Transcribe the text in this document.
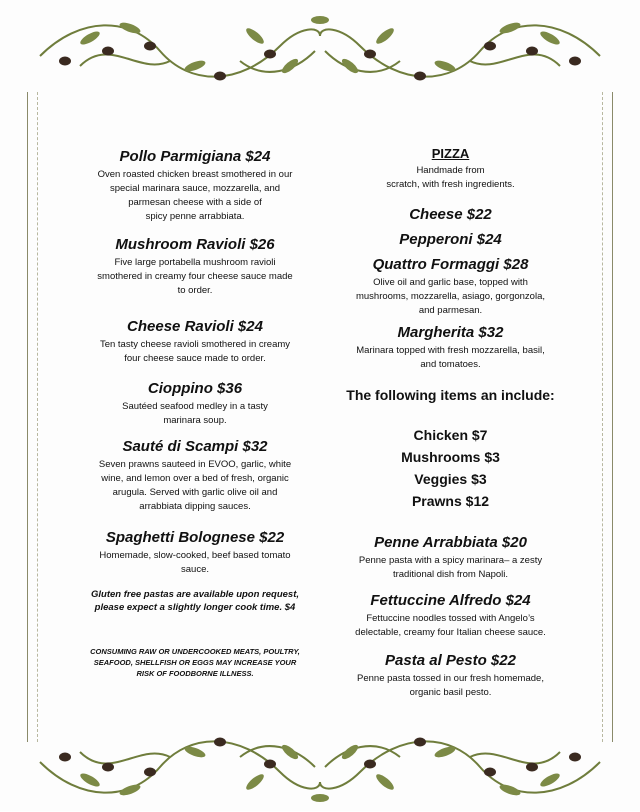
Pollo Parmigiana $24

Oven roasted chicken breast smothered in our
special marinara sauce, mozzarella, and
parmesan cheese with a side of
spicy penne arrabbiata.

Mushroom Ravioli $26

Five large portabella mushroom ravioli
smothered in creamy four cheese sauce made
to order.

Cheese Ravioli $24

Ten tasty cheese ravioli smothered in creamy
four cheese sauce made to order.

Cioppino $36

Sautéed seafood medley in a tasty
marinara soup.

Sauté di Scampi $32

Seven prawns sauteed in EVOO, garlic, white
wine, and lemon over a bed of fresh, organic
arugula. Served with garlic olive oil and
arrabbiata dipping sauces.

Spaghetti Bolognese $22

Homemade, slow-cooked, beef based tomato
sauce.

Gluten free pastas are available upon request,
please expect a slightly longer cook time. $4

CONSUMING RAW OR UNDERCOOKED MEATS, POULTRY,
SEAFOOD, SHELLFISH OR EGGS MAY INCREASE YOUR
RISK OF FOODBORNE ILLNESS.

PIZZA

Handmade from
scratch, with fresh ingredients.

Cheese $22

Pepperoni $24

Quattro Formaggi $28

Olive oil and garlic base, topped with
mushrooms, mozzarella, asiago, gorgonzola,
and parmesan.

Margherita $32

Marinara topped with fresh mozzarella, basil,
and tomatoes.

The following items an include:

Chicken $7

Mushrooms $3

Veggies $3

Prawns $12

Penne Arrabbiata $20

Penne pasta with a spicy marinara– a zesty
traditional dish from Napoli.

Fettuccine Alfredo $24

Fettuccine noodles tossed with Angelo’s
delectable, creamy four Italian cheese sauce.

Pasta al Pesto $22

Penne pasta tossed in our fresh homemade,
organic basil pesto.
